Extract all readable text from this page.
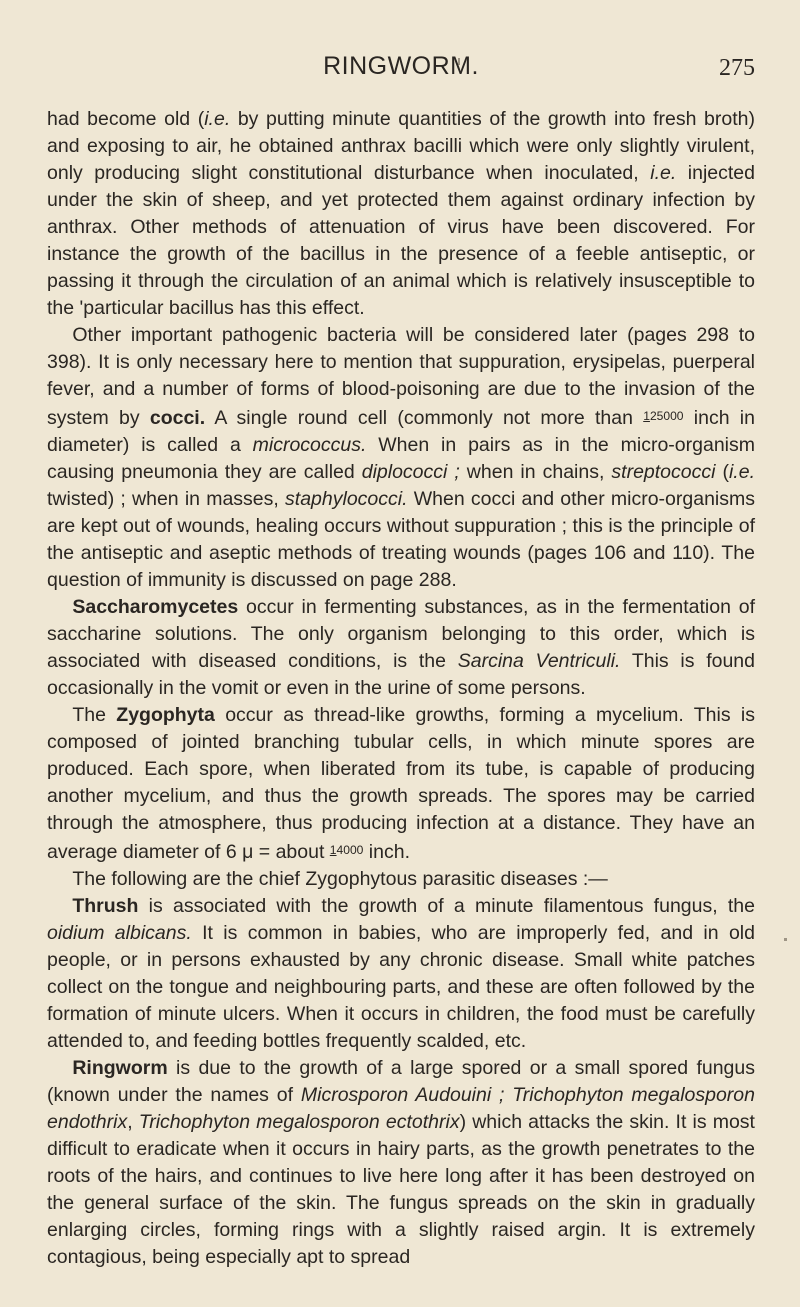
RINGWORM.	275

had become old (i.e. by putting minute quantities of the growth into fresh broth) and exposing to air, he obtained anthrax bacilli which were only slightly virulent, only producing slight constitutional disturbance when inoculated, i.e. injected under the skin of sheep, and yet protected them against ordinary infection by anthrax. Other methods of attenuation of virus have been discovered. For instance the growth of the bacillus in the presence of a feeble antiseptic, or passing it through the circulation of an animal which is relatively insusceptible to the 'particular bacillus has this effect.

Other important pathogenic bacteria will be considered later (pages 298 to 398). It is only necessary here to mention that suppuration, erysipelas, puerperal fever, and a number of forms of blood-poisoning are due to the invasion of the system by cocci. A single round cell (commonly not more than $^{125000}$ inch in diameter) is called a micrococcus. When in pairs as in the micro-organism causing pneumonia they are called diplococci ; when in chains, streptococci (i.e. twisted) ; when in masses, staphylococci. When cocci and other micro-organisms are kept out of wounds, healing occurs without suppuration ; this is the principle of the antiseptic and aseptic methods of treating wounds (pages 106 and 110). The question of immunity is discussed on page 288.

Saccharomycetes occur in fermenting substances, as in the fermentation of saccharine solutions. The only organism belonging to this order, which is associated with diseased conditions, is the Sarcina Ventriculi. This is found occasionally in the vomit or even in the urine of some persons.

The Zygophyta occur as thread-like growths, forming a mycelium. This is composed of jointed branching tubular cells, in which minute spores are produced. Each spore, when liberated from its tube, is capable of producing another mycelium, and thus the growth spreads. The spores may be carried through the atmosphere, thus producing infection at a distance. They have an average diameter of 6 μ = about $^{14000}$ inch.

The following are the chief Zygophytous parasitic diseases :—

Thrush is associated with the growth of a minute filamentous fungus, the oidium albicans. It is common in babies, who are improperly fed, and in old people, or in persons exhausted by any chronic disease. Small white patches collect on the tongue and neighbouring parts, and these are often followed by the formation of minute ulcers. When it occurs in children, the food must be carefully attended to, and feeding bottles frequently scalded, etc.

Ringworm is due to the growth of a large spored or a small spored fungus (known under the names of Microsporon Audouini ; Trichophyton megalosporon endothrix, Trichophyton megalosporon ectothrix) which attacks the skin. It is most difficult to eradicate when it occurs in hairy parts, as the growth penetrates to the roots of the hairs, and continues to live here long after it has been destroyed on the general surface of the skin. The fungus spreads on the skin in gradually enlarging circles, forming rings with a slightly raised argin. It is extremely contagious, being especially apt to spread
